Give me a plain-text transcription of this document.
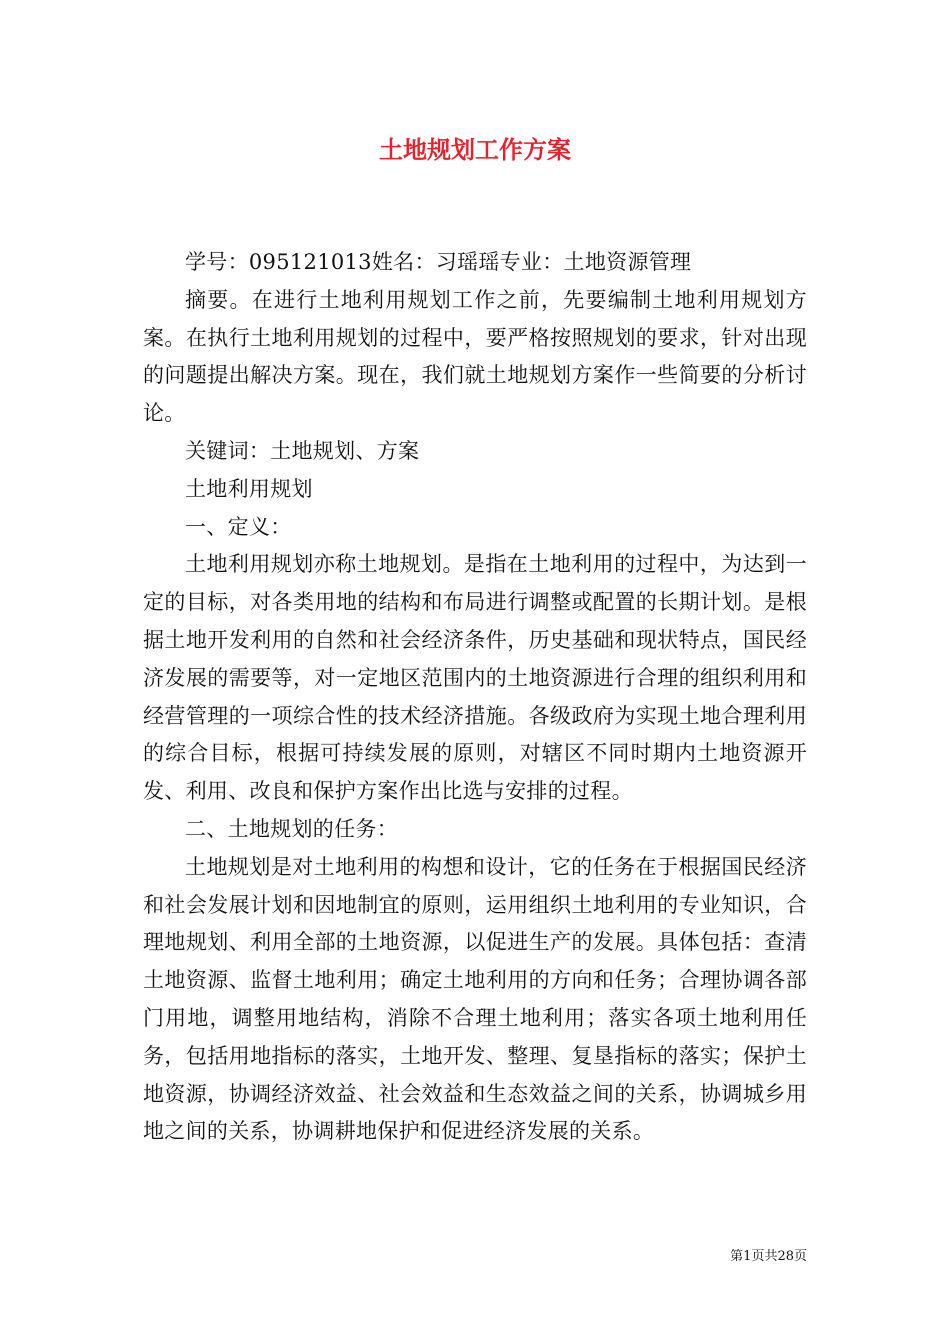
土地规划工作方案

学号：095121013姓名：习瑶瑶专业：土地资源管理

摘要。在进行土地利用规划工作之前，先要编制土地利用规划方案。在执行土地利用规划的过程中，要严格按照规划的要求，针对出现的问题提出解决方案。现在，我们就土地规划方案作一些简要的分析讨论。

关键词：土地规划、方案

土地利用规划

一、定义：

土地利用规划亦称土地规划。是指在土地利用的过程中，为达到一定的目标，对各类用地的结构和布局进行调整或配置的长期计划。是根据土地开发利用的自然和社会经济条件，历史基础和现状特点，国民经济发展的需要等，对一定地区范围内的土地资源进行合理的组织利用和经营管理的一项综合性的技术经济措施。各级政府为实现土地合理利用的综合目标，根据可持续发展的原则，对辖区不同时期内土地资源开发、利用、改良和保护方案作出比选与安排的过程。

二、土地规划的任务：

土地规划是对土地利用的构想和设计，它的任务在于根据国民经济和社会发展计划和因地制宜的原则，运用组织土地利用的专业知识，合理地规划、利用全部的土地资源，以促进生产的发展。具体包括：查清土地资源、监督土地利用；确定土地利用的方向和任务；合理协调各部门用地，调整用地结构，消除不合理土地利用；落实各项土地利用任务，包括用地指标的落实，土地开发、整理、复垦指标的落实；保护土地资源，协调经济效益、社会效益和生态效益之间的关系，协调城乡用地之间的关系，协调耕地保护和促进经济发展的关系。

第1页共28页
